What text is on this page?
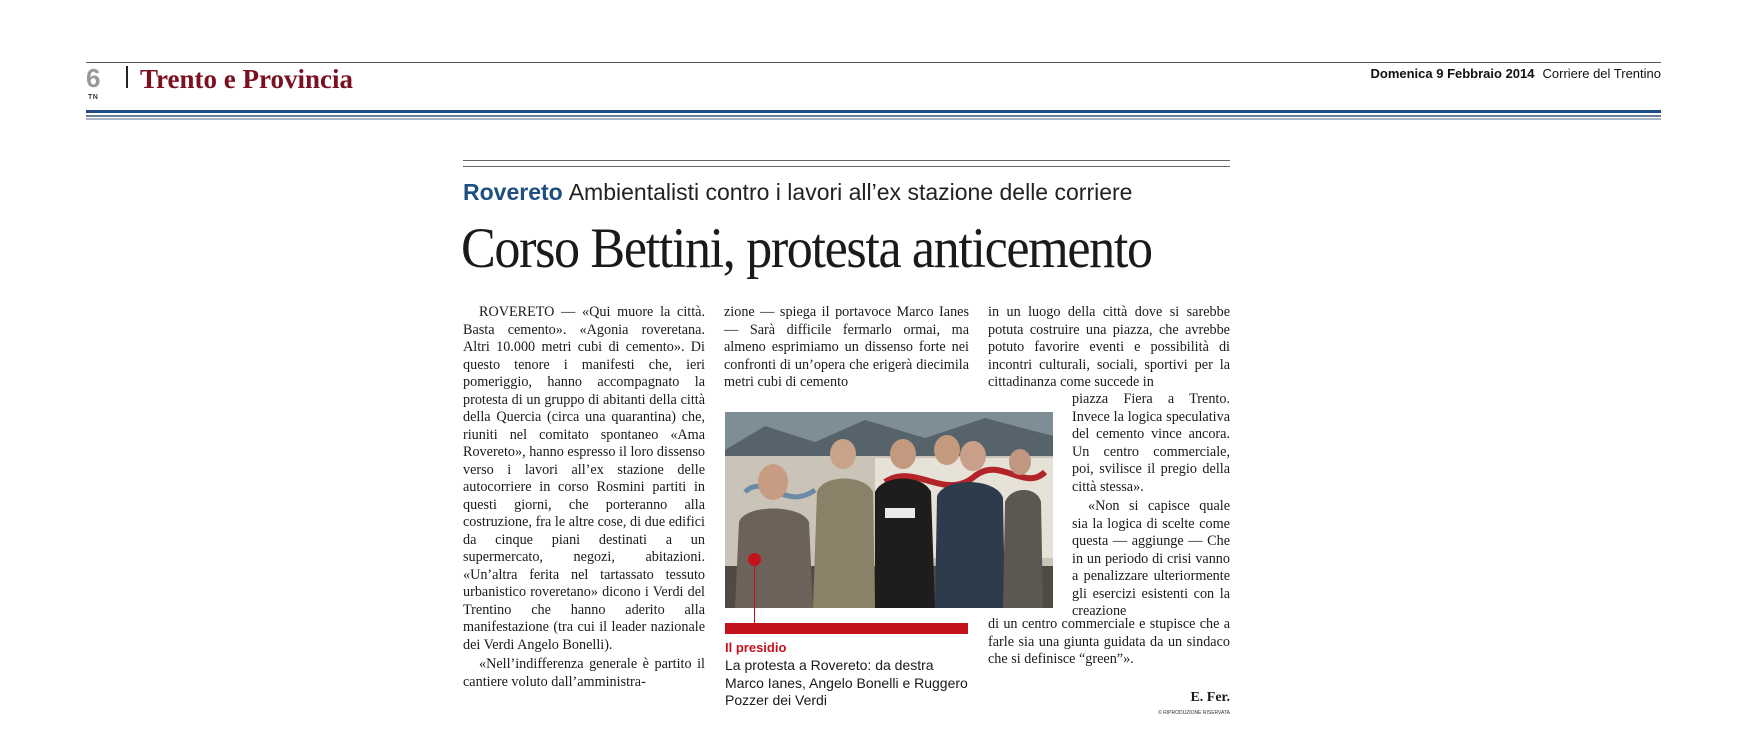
6
TN
Trento e Provincia	Domenica 9 Febbraio 2014 Corriere del Trentino
Rovereto Ambientalisti contro i lavori all’ex stazione delle corriere
Corso Bettini, protesta anticemento

ROVERETO — «Qui muore la città. Basta cemento». «Agonia roveretana. Altri 10.000 metri cubi di cemento». Di questo tenore i manifesti che, ieri pomeriggio, hanno accompagnato la protesta di un gruppo di abitanti della città della Quercia (circa una quarantina) che, riuniti nel comitato spontaneo «Ama Rovereto», hanno espresso il loro dissenso verso i lavori all’ex stazione delle autocorriere in corso Rosmini partiti in questi giorni, che porteranno alla costruzione, fra le altre cose, di due edifici da cinque piani destinati a un supermercato, negozi, abitazioni. «Un’altra ferita nel tartassato tessuto urbanistico roveretano» dicono i Verdi del Trentino che hanno aderito alla manifestazione (tra cui il leader nazionale dei Verdi Angelo Bonelli).

«Nell’indifferenza generale è partito il cantiere voluto dall’amministra-

zione — spiega il portavoce Marco Ianes — Sarà difficile fermarlo ormai, ma almeno esprimiamo un dissenso forte nei confronti di un’opera che erigerà diecimila metri cubi di cemento

in un luogo della città dove si sarebbe potuta costruire una piazza, che avrebbe potuto favorire eventi e possibilità di incontri culturali, sociali, sportivi per la cittadinanza come succede in

piazza Fiera a Trento. Invece la logica speculativa del cemento vince ancora. Un centro commerciale, poi, svilisce il pregio della città stessa».

«Non si capisce quale sia la logica di scelte come questa — aggiunge — Che in un periodo di crisi vanno a penalizzare ulteriormente gli esercizi esistenti con la creazione

di un centro commerciale e stupisce che a farle sia una giunta guidata da un sindaco che si definisce “green”».

Il presidio
La protesta a Rovereto: da destra Marco Ianes, Angelo Bonelli e Ruggero Pozzer dei Verdi	E. Fer.
© RIPRODUZIONE RISERVATA
